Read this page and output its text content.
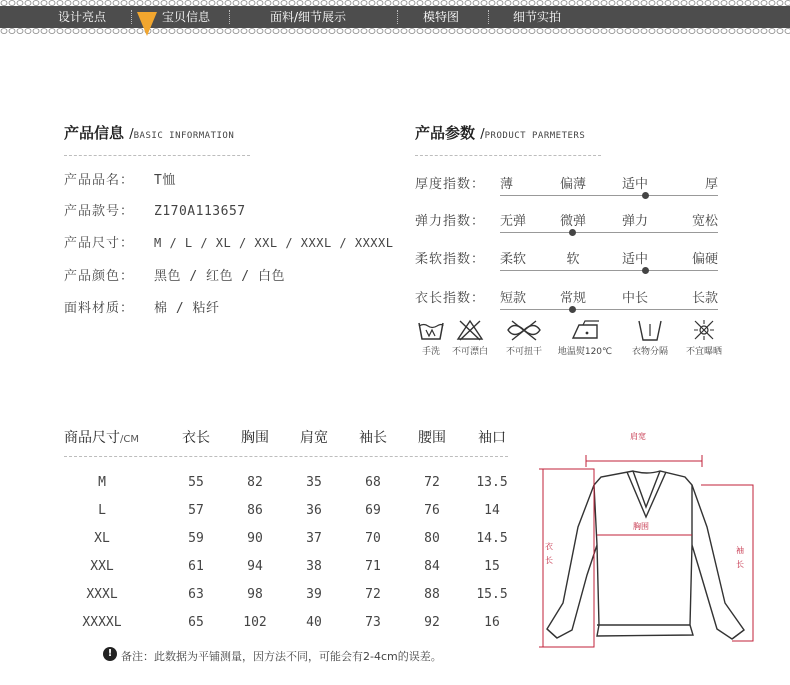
设计亮点	宝贝信息	面料/细节展示	模特图	细节实拍
产品信息 /BASIC INFORMATION
产品品名： T恤
产品款号： Z170A113657
产品尺寸： M / L / XL / XXL / XXXL / XXXXL
产品颜色： 黑色 / 红色 / 白色
面料材质： 棉 / 粘纤
产品参数 /PRODUCT PARMETERS
厚度指数： 薄	偏薄	适中	厚
弹力指数： 无弹	微弹	弹力	宽松
柔软指数： 柔软	软	适中	偏硬
衣长指数： 短款	常规	中长	长款
手洗	不可漂白	不可扭干	地温熨120℃	衣物分隔	不宜曝晒
商品尺寸/CM	衣长	胸围	肩宽	袖长	腰围	袖口
M	55	82	35	68	72	13.5
L	57	86	36	69	76	14
XL	59	90	37	70	80	14.5
XXL	61	94	38	71	84	15
XXXL	63	98	39	72	88	15.5
XXXXL	65	102	40	73	92	16
! 备注：此数据为平铺测量，因方法不同，可能会有2-4cm的误差。
肩宽
胸围
衣
长
袖
长
